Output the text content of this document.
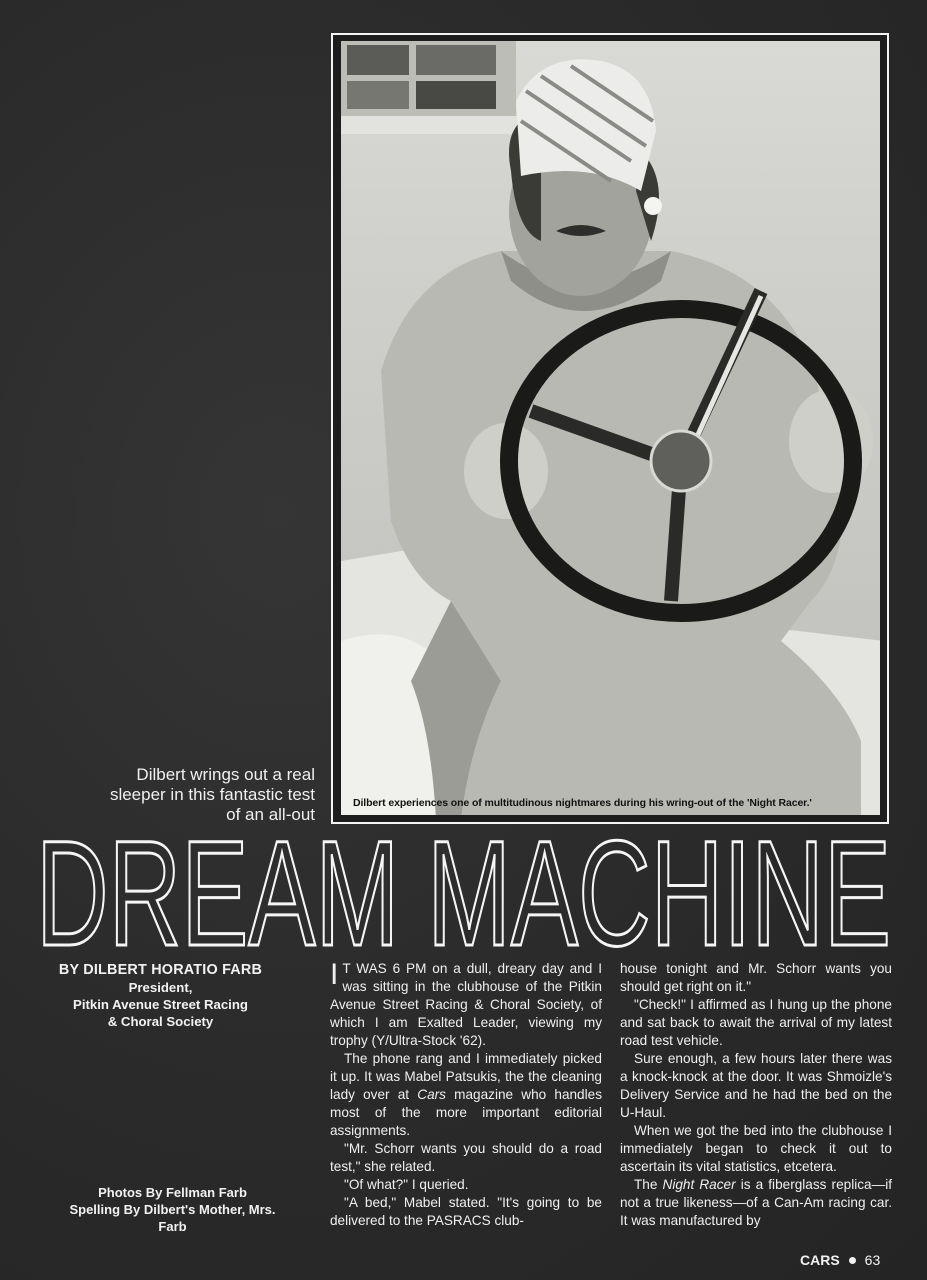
Dilbert experiences one of multitudinous nightmares during his wring-out of the 'Night Racer.'
Dilbert wrings out a real
sleeper in this fantastic test
of an all-out
DREAM MACHINE
BY DILBERT HORATIO FARB
President,
Pitkin Avenue Street Racing
& Choral Society
Photos By Fellman Farb
Spelling By Dilbert's Mother, Mrs.
Farb

I T WAS 6 PM on a dull, dreary day and I was sitting in the clubhouse of the Pitkin Avenue Street Racing & Choral Society, of which I am Exalted Leader, viewing my trophy (Y/Ultra-Stock '62).

The phone rang and I immediately picked it up. It was Mabel Patsukis, the the cleaning lady over at Cars magazine who handles most of the more important editorial assignments.

"Mr. Schorr wants you should do a road test," she related.

"Of what?" I queried.

"A bed," Mabel stated. "It's going to be delivered to the PASRACS club-

house tonight and Mr. Schorr wants you should get right on it."

"Check!" I affirmed as I hung up the phone and sat back to await the arrival of my latest road test vehicle.

Sure enough, a few hours later there was a knock-knock at the door. It was Shmoizle's Delivery Service and he had the bed on the U-Haul.

When we got the bed into the clubhouse I immediately began to check it out to ascertain its vital statistics, etcetera.

The Night Racer is a fiberglass replica—if not a true likeness—of a Can-Am racing car. It was manufactured by

CARS 63
